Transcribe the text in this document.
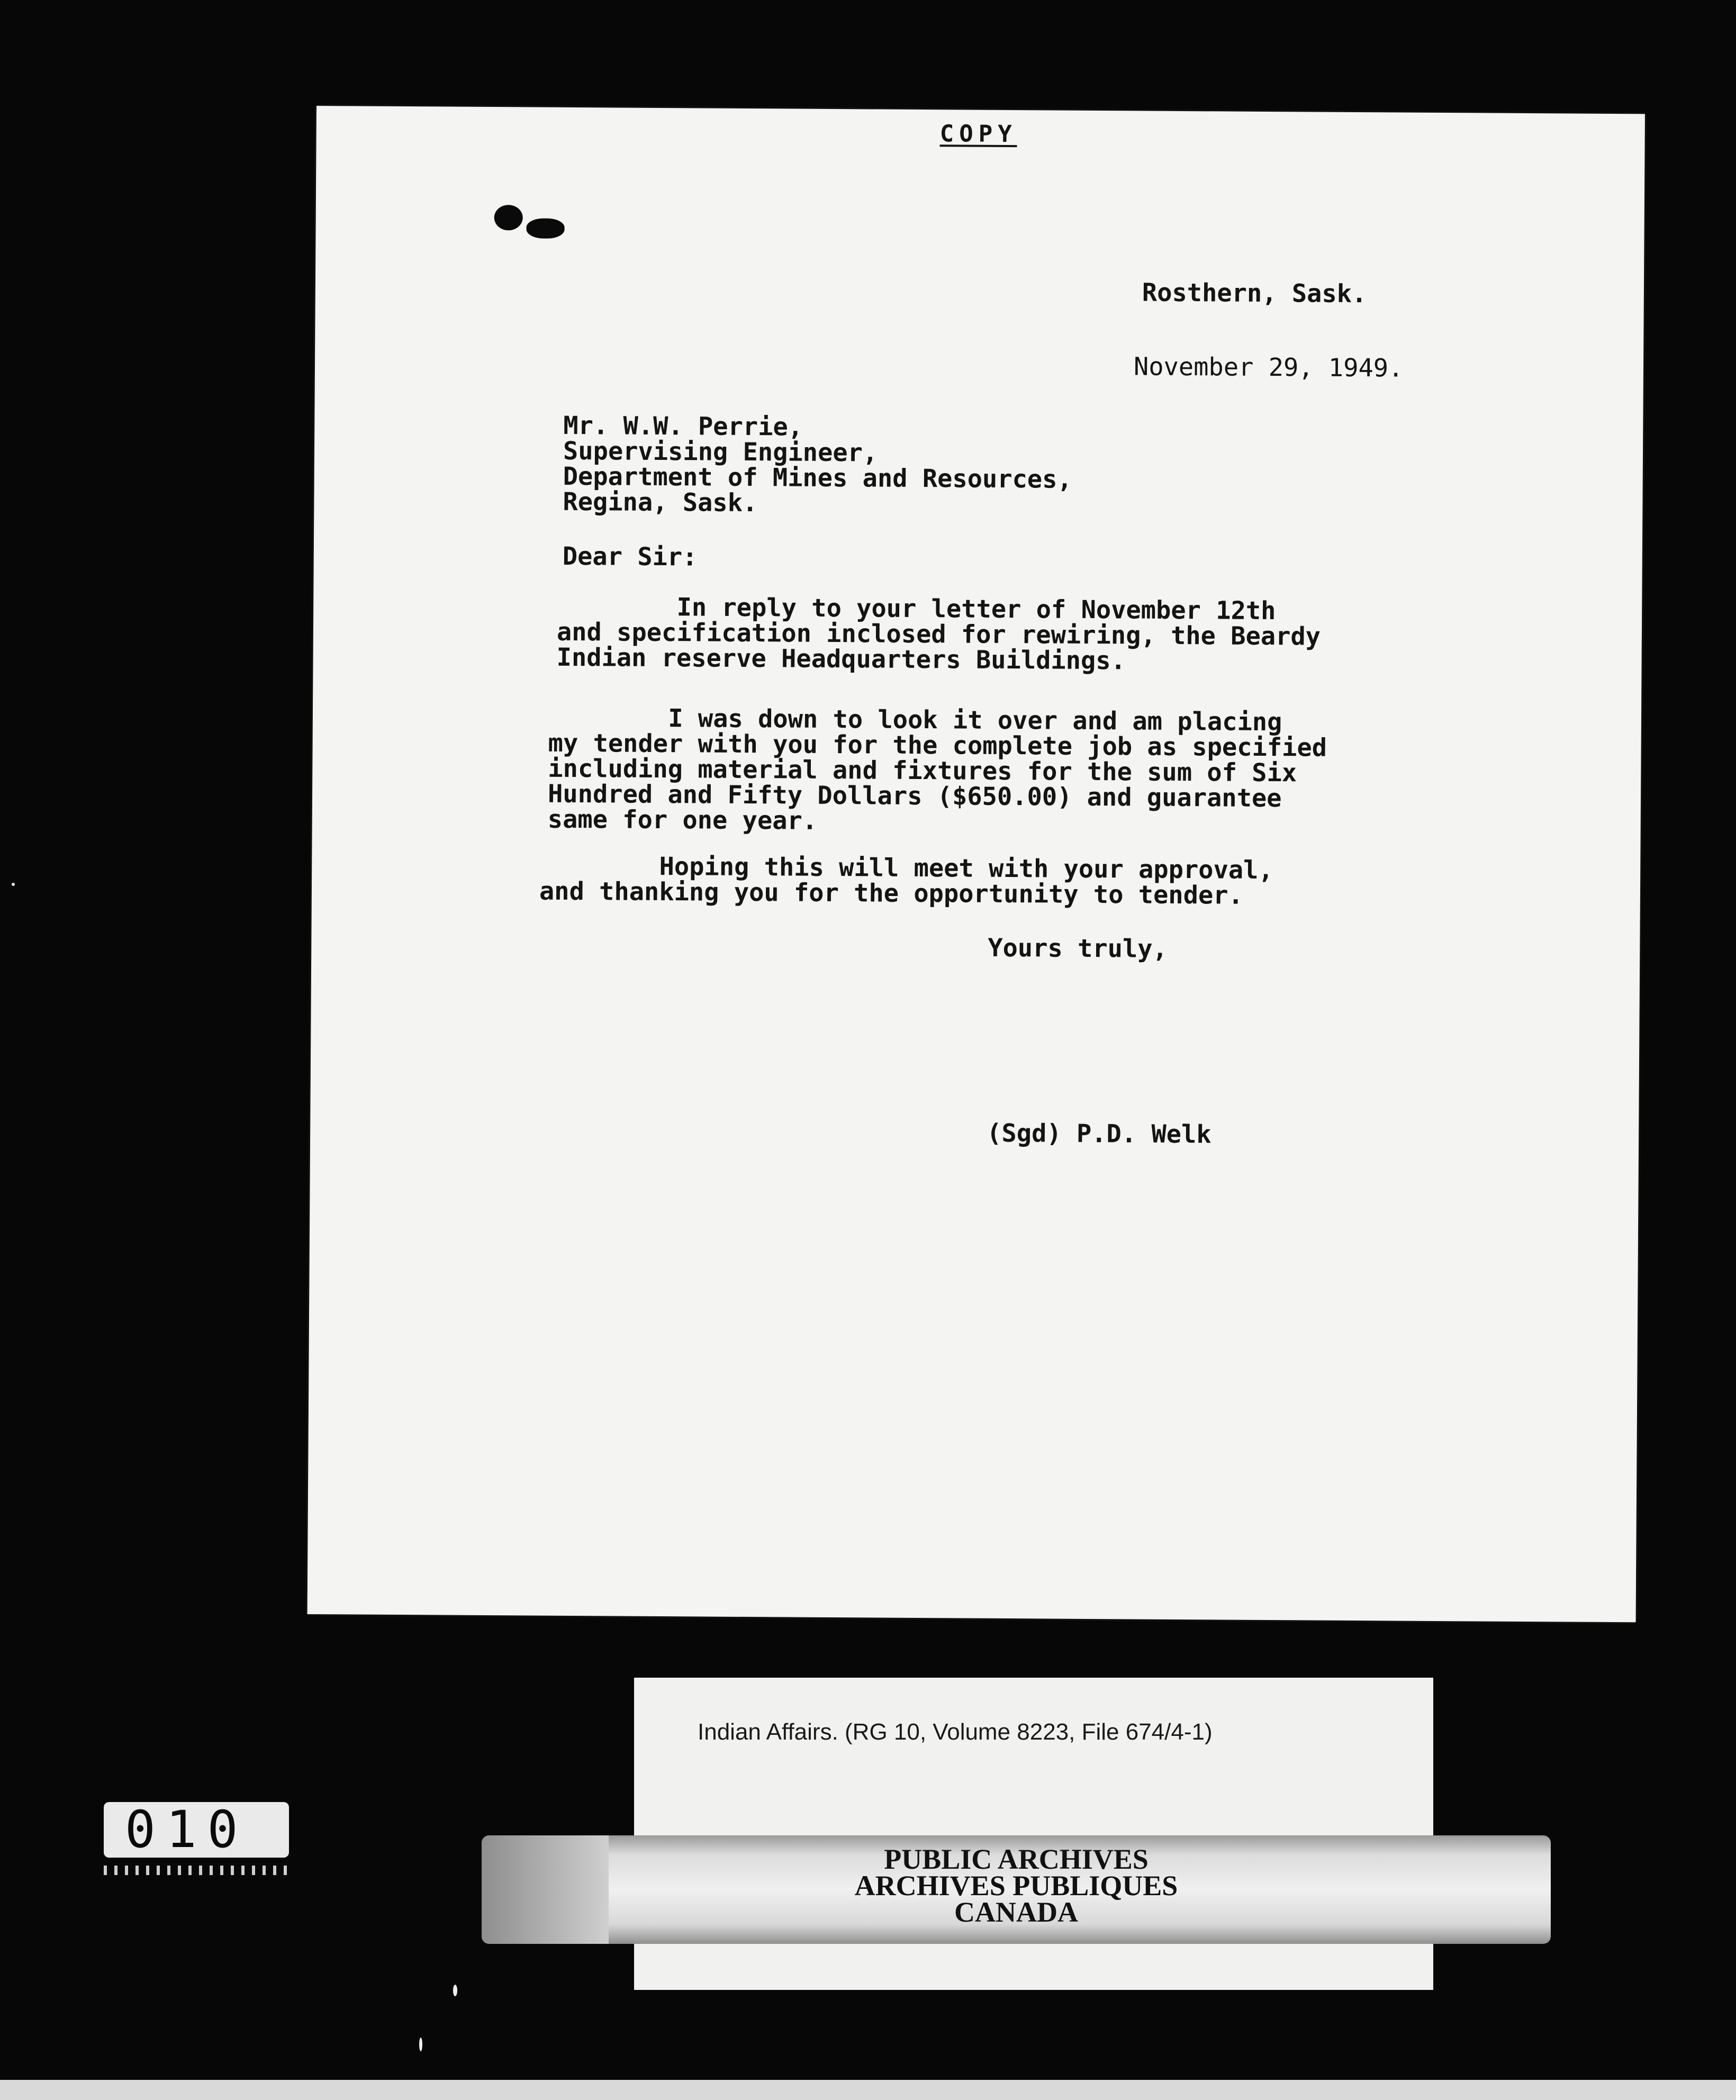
COPY
Rosthern, Sask.
November 29, 1949.
Mr. W.W. Perrie,
Supervising Engineer,
Department of Mines and Resources,
Regina, Sask.
Dear Sir:
In reply to your letter of November 12th
and specification inclosed for rewiring, the Beardy
Indian reserve Headquarters Buildings.
I was down to look it over and am placing
my tender with you for the complete job as specified
including material and fixtures for the sum of Six
Hundred and Fifty Dollars ($650.00) and guarantee
same for one year.
Hoping this will meet with your approval,
and thanking you for the opportunity to tender.
Yours truly,
(Sgd) P.D. Welk
Indian Affairs. (RG 10, Volume 8223, File 674/4-1)
PUBLIC ARCHIVES
ARCHIVES PUBLIQUES
CANADA
010
